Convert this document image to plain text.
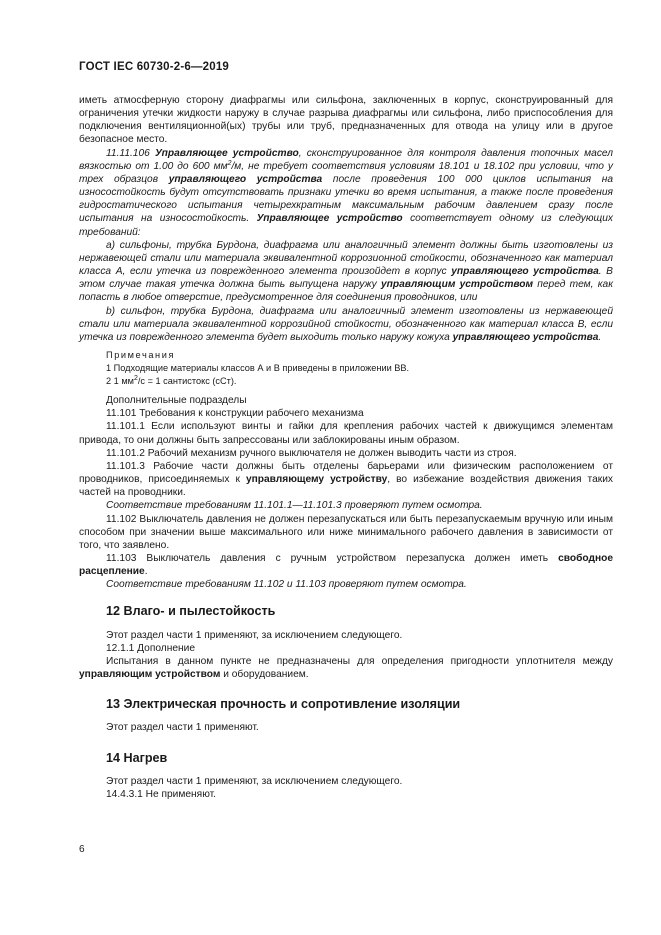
ГОСТ IEC 60730-2-6—2019

иметь атмосферную сторону диафрагмы или сильфона, заключенных в корпус, сконструированный для ограничения утечки жидкости наружу в случае разрыва диафрагмы или сильфона, либо приспособления для подключения вентиляционной(ых) трубы или труб, предназначенных для отвода на улицу или в другое безопасное место.

11.11.106 Управляющее устройство, сконструированное для контроля давления топочных масел вязкостью от 1.00 до 600 $мм^2/м$, не требует соответствия условиям 18.101 и 18.102 при условии, что у трех образцов управляющего устройства после проведения 100 000 циклов испытания на износостойкость будут отсутствовать признаки утечки во время испытания, а также после проведения гидростатического испытания четырехкратным максимальным рабочим давлением сразу после испытания на износостойкость. Управляющее устройство соответствует одному из следующих требований:

a) сильфоны, трубка Бурдона, диафрагма или аналогичный элемент должны быть изготовлены из нержавеющей стали или материала эквивалентной коррозионной стойкости, обозначенного как материал класса А, если утечка из поврежденного элемента произойдет в корпус управляющего устройства. В этом случае такая утечка должна быть выпущена наружу управляющим устройством перед тем, как попасть в любое отверстие, предусмотренное для соединения проводников, или

b) сильфон, трубка Бурдона, диафрагма или аналогичный элемент изготовлены из нержавеющей стали или материала эквивалентной коррозийной стойкости, обозначенного как материал класса В, если утечка из поврежденного элемента будет выходить только наружу кожуха управляющего устройства.

Примечания

1 Подходящие материалы классов А и В приведены в приложении ВВ.

2 1 $мм^2/с = 1$ сантистокс (сСт).

Дополнительные подразделы

11.101 Требования к конструкции рабочего механизма

11.101.1 Если используют винты и гайки для крепления рабочих частей к движущимся элементам привода, то они должны быть запрессованы или заблокированы иным образом.

11.101.2 Рабочий механизм ручного выключателя не должен выводить части из строя.

11.101.3 Рабочие части должны быть отделены барьерами или физическим расположением от проводников, присоединяемых к управляющему устройству, во избежание воздействия движения таких частей на проводники.

Соответствие требованиям 11.101.1—11.101.3 проверяют путем осмотра.

11.102 Выключатель давления не должен перезапускаться или быть перезапускаемым вручную или иным способом при значении выше максимального или ниже минимального рабочего давления в зависимости от того, что заявлено.

11.103 Выключатель давления с ручным устройством перезапуска должен иметь свободное расцепление.

Соответствие требованиям 11.102 и 11.103 проверяют путем осмотра.

12 Влаго- и пылестойкость

Этот раздел части 1 применяют, за исключением следующего.

12.1.1 Дополнение

Испытания в данном пункте не предназначены для определения пригодности уплотнителя между управляющим устройством и оборудованием.

13 Электрическая прочность и сопротивление изоляции

Этот раздел части 1 применяют.

14 Нагрев

Этот раздел части 1 применяют, за исключением следующего.

14.4.3.1 Не применяют.

6
